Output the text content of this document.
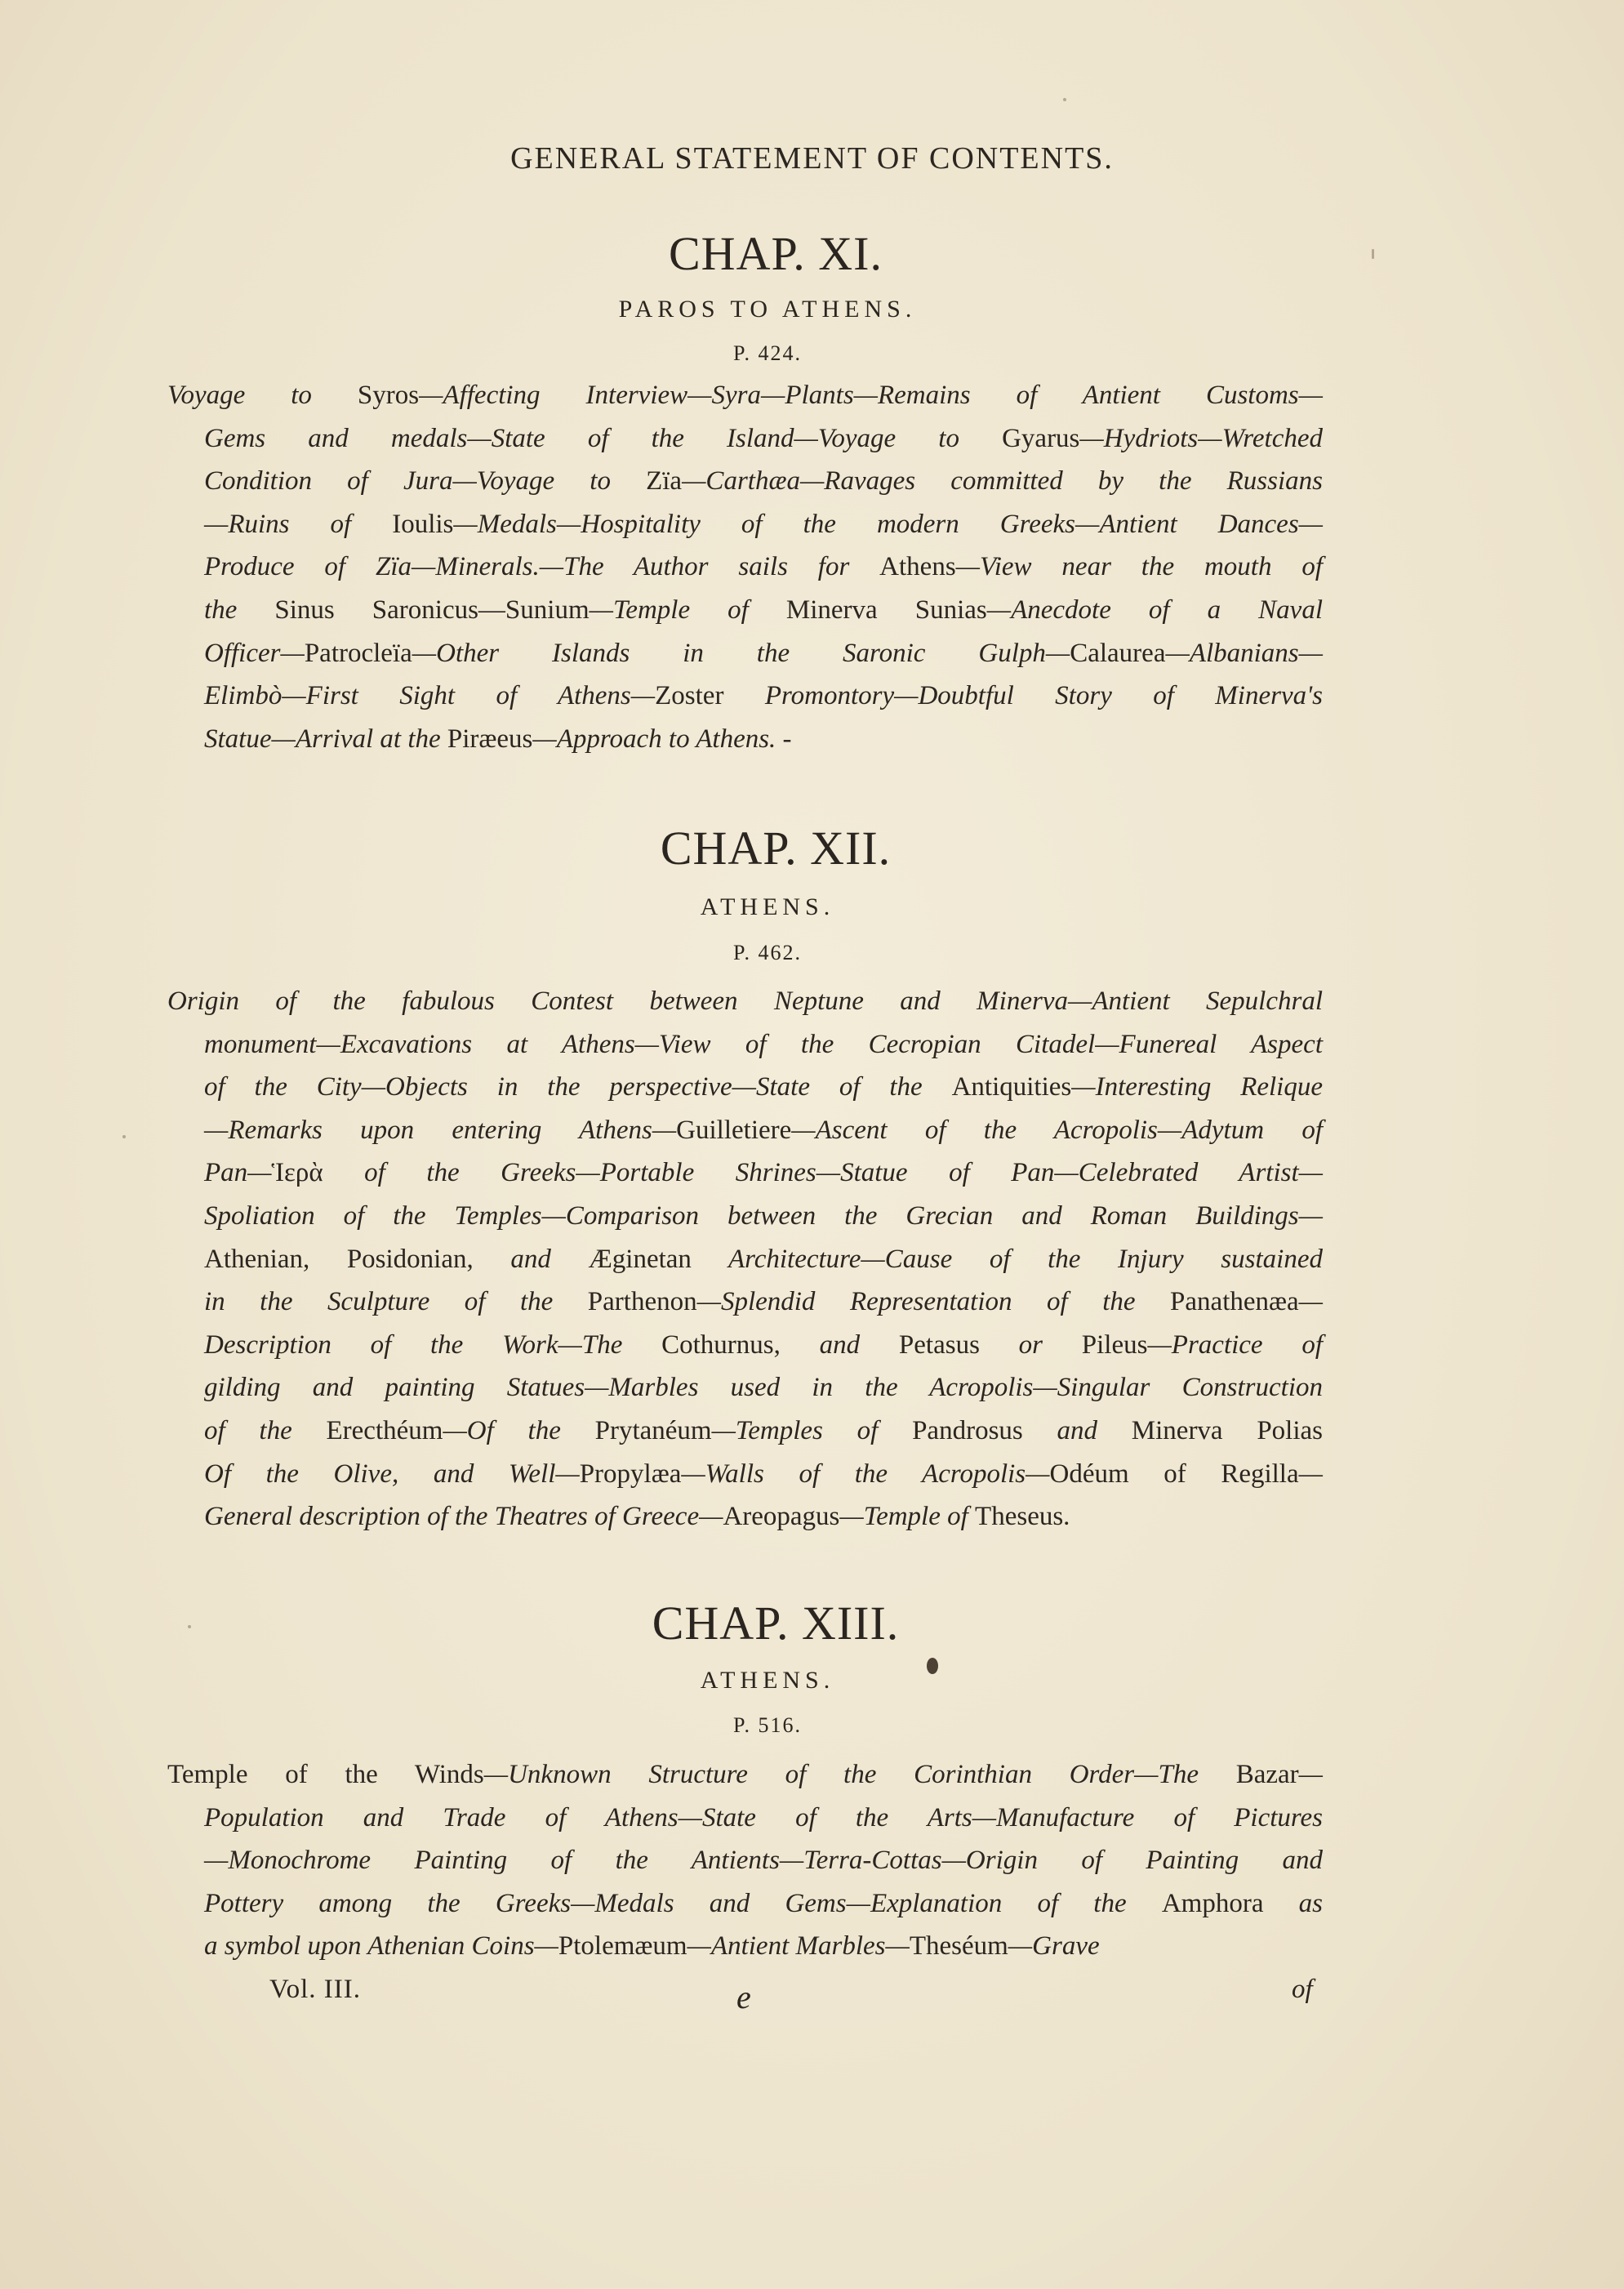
GENERAL STATEMENT OF CONTENTS.
CHAP. XI.
PAROS TO ATHENS.
P. 424.
Voyage to Syros—Affecting Interview—Syra—Plants—Remains of Antient Customs—
Gems and medals—State of the Island—Voyage to Gyarus—Hydriots—Wretched
Condition of Jura—Voyage to Zïa—Carthæa—Ravages committed by the Russians
—Ruins of Ioulis—Medals—Hospitality of the modern Greeks—Antient Dances—
Produce of Zïa—Minerals.—The Author sails for Athens—View near the mouth of
the Sinus Saronicus—Sunium—Temple of Minerva Sunias—Anecdote of a Naval
Officer—Patrocleïa—Other Islands in the Saronic Gulph—Calaurea—Albanians—
Elimbò—First Sight of Athens—Zoster Promontory—Doubtful Story of Minerva's
Statue—Arrival at the Piræeus—Approach to Athens. -
CHAP. XII.
ATHENS.
P. 462.
Origin of the fabulous Contest between Neptune and Minerva—Antient Sepulchral
monument—Excavations at Athens—View of the Cecropian Citadel—Funereal Aspect
of the City—Objects in the perspective—State of the Antiquities—Interesting Relique
—Remarks upon entering Athens—Guilletiere—Ascent of the Acropolis—Adytum of
Pan—Ἱερὰ of the Greeks—Portable Shrines—Statue of Pan—Celebrated Artist—
Spoliation of the Temples—Comparison between the Grecian and Roman Buildings—
Athenian, Posidonian, and Æginetan Architecture—Cause of the Injury sustained
in the Sculpture of the Parthenon—Splendid Representation of the Panathenæa—
Description of the Work—The Cothurnus, and Petasus or Pileus—Practice of
gilding and painting Statues—Marbles used in the Acropolis—Singular Construction
of the Erecthéum—Of the Prytanéum—Temples of Pandrosus and Minerva Polias
Of the Olive, and Well—Propylæa—Walls of the Acropolis—Odéum of Regilla—
General description of the Theatres of Greece—Areopagus—Temple of Theseus.
CHAP. XIII.
ATHENS.
P. 516.
Temple of the Winds—Unknown Structure of the Corinthian Order—The Bazar—
Population and Trade of Athens—State of the Arts—Manufacture of Pictures
—Monochrome Painting of the Antients—Terra-Cottas—Origin of Painting and
Pottery among the Greeks—Medals and Gems—Explanation of the Amphora as
a symbol upon Athenian Coins—Ptolemæum—Antient Marbles—Theséum—Grave
Vol. III.	e	of
